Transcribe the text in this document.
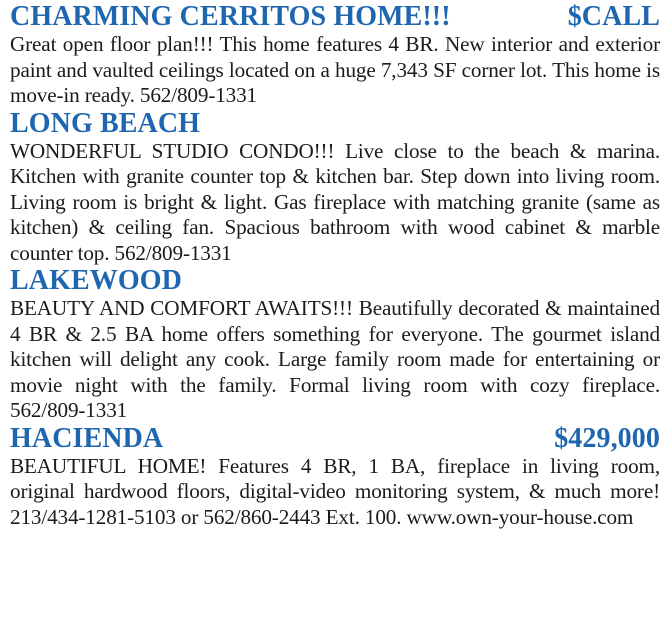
CHARMING CERRITOS HOME!!!	$CALL

Great open floor plan!!! This home features 4 BR. New interior and exterior paint and vaulted ceilings located on a huge 7,343 SF corner lot. This home is move-in ready. 562/809-1331

LONG BEACH

WONDERFUL STUDIO CONDO!!! Live close to the beach & marina. Kitchen with granite counter top & kitchen bar. Step down into living room. Living room is bright & light. Gas fireplace with matching granite (same as kitchen) & ceiling fan. Spacious bathroom with wood cabinet & marble counter top. 562/809-1331

LAKEWOOD

BEAUTY AND COMFORT AWAITS!!! Beautifully decorated & maintained 4 BR & 2.5 BA home offers something for everyone. The gourmet island kitchen will delight any cook. Large family room made for entertaining or movie night with the family. Formal living room with cozy fireplace. 562/809-1331

HACIENDA	$429,000

BEAUTIFUL HOME! Features 4 BR, 1 BA, fireplace in living room, original hardwood floors, digital-video monitoring system, & much more! 213/434-1281-5103 or 562/860-2443 Ext. 100. www.own-your-house.com
